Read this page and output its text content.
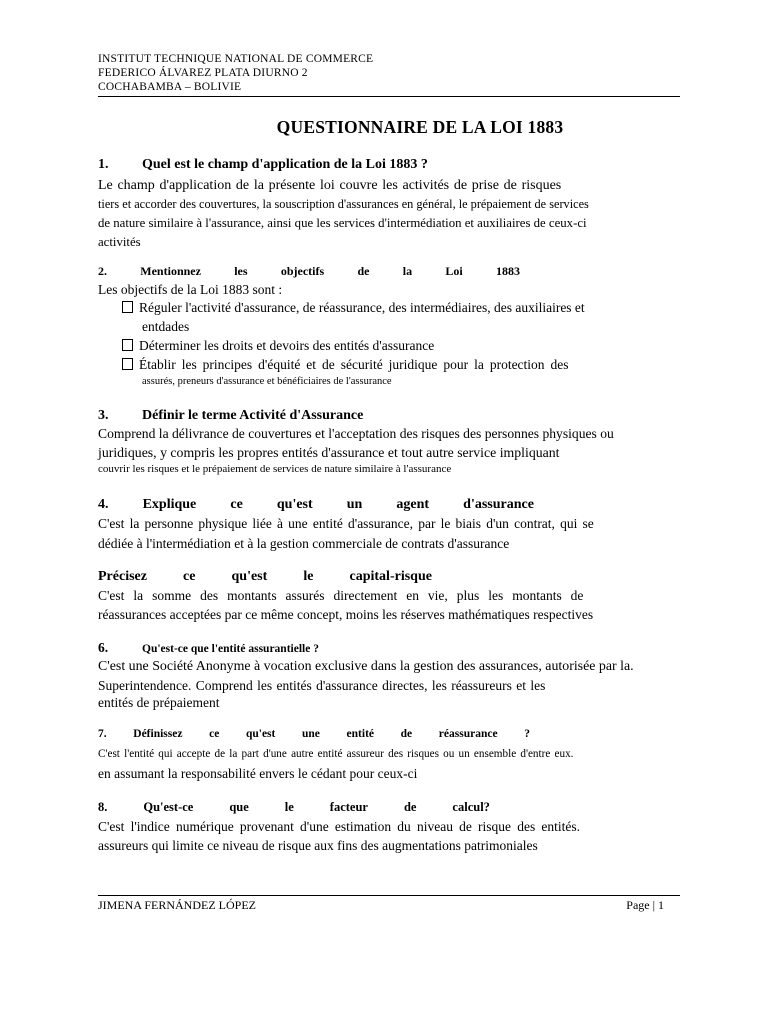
INSTITUT TECHNIQUE NATIONAL DE COMMERCE
FEDERICO ÁLVAREZ PLATA DIURNO 2
COCHABAMBA – BOLIVIE
QUESTIONNAIRE DE LA LOI 1883
1. Quel est le champ d'application de la Loi 1883 ?
Le champ d'application de la présente loi couvre les activités de prise de risques
tiers et accorder des couvertures, la souscription d'assurances en général, le prépaiement de services
de nature similaire à l'assurance, ainsi que les services d'intermédiation et auxiliaires de ceux-ci
activités
2.	Mentionnez	les	objectifs	de	la	Loi	1883
Les objectifs de la Loi 1883 sont :
Réguler l'activité d'assurance, de réassurance, des intermédiaires, des auxiliaires et
entdades
Déterminer les droits et devoirs des entités d'assurance
Établir les principes d'équité et de sécurité juridique pour la protection des
assurés, preneurs d'assurance et bénéficiaires de l'assurance
3. Définir le terme Activité d'Assurance
Comprend la délivrance de couvertures et l'acceptation des risques des personnes physiques ou
juridiques, y compris les propres entités d'assurance et tout autre service impliquant
couvrir les risques et le prépaiement de services de nature similaire à l'assurance
4. Explique ce qu'est un agent d'assurance
C'est la personne physique liée à une entité d'assurance, par le biais d'un contrat, qui se
dédiée à l'intermédiation et à la gestion commerciale de contrats d'assurance
Précisez	ce	qu'est	le	capital-risque
C'est la somme des montants assurés directement en vie, plus les montants de
réassurances acceptées par ce même concept, moins les réserves mathématiques respectives
6.	Qu'est-ce que l'entité assurantielle ?
C'est une Société Anonyme à vocation exclusive dans la gestion des assurances, autorisée par la.
Superintendence. Comprend les entités d'assurance directes, les réassureurs et les
entités de prépaiement
7. Définissez ce qu'est une entité de réassurance ?
C'est l'entité qui accepte de la part d'une autre entité assureur des risques ou un ensemble d'entre eux.
en assumant la responsabilité envers le cédant pour ceux-ci
8.	Qu'est-ce	que	le	facteur	de	calcul?
C'est l'indice numérique provenant d'une estimation du niveau de risque des entités.
assureurs qui limite ce niveau de risque aux fins des augmentations patrimoniales
JIMENA FERNÁNDEZ LÓPEZ	Page | 1
